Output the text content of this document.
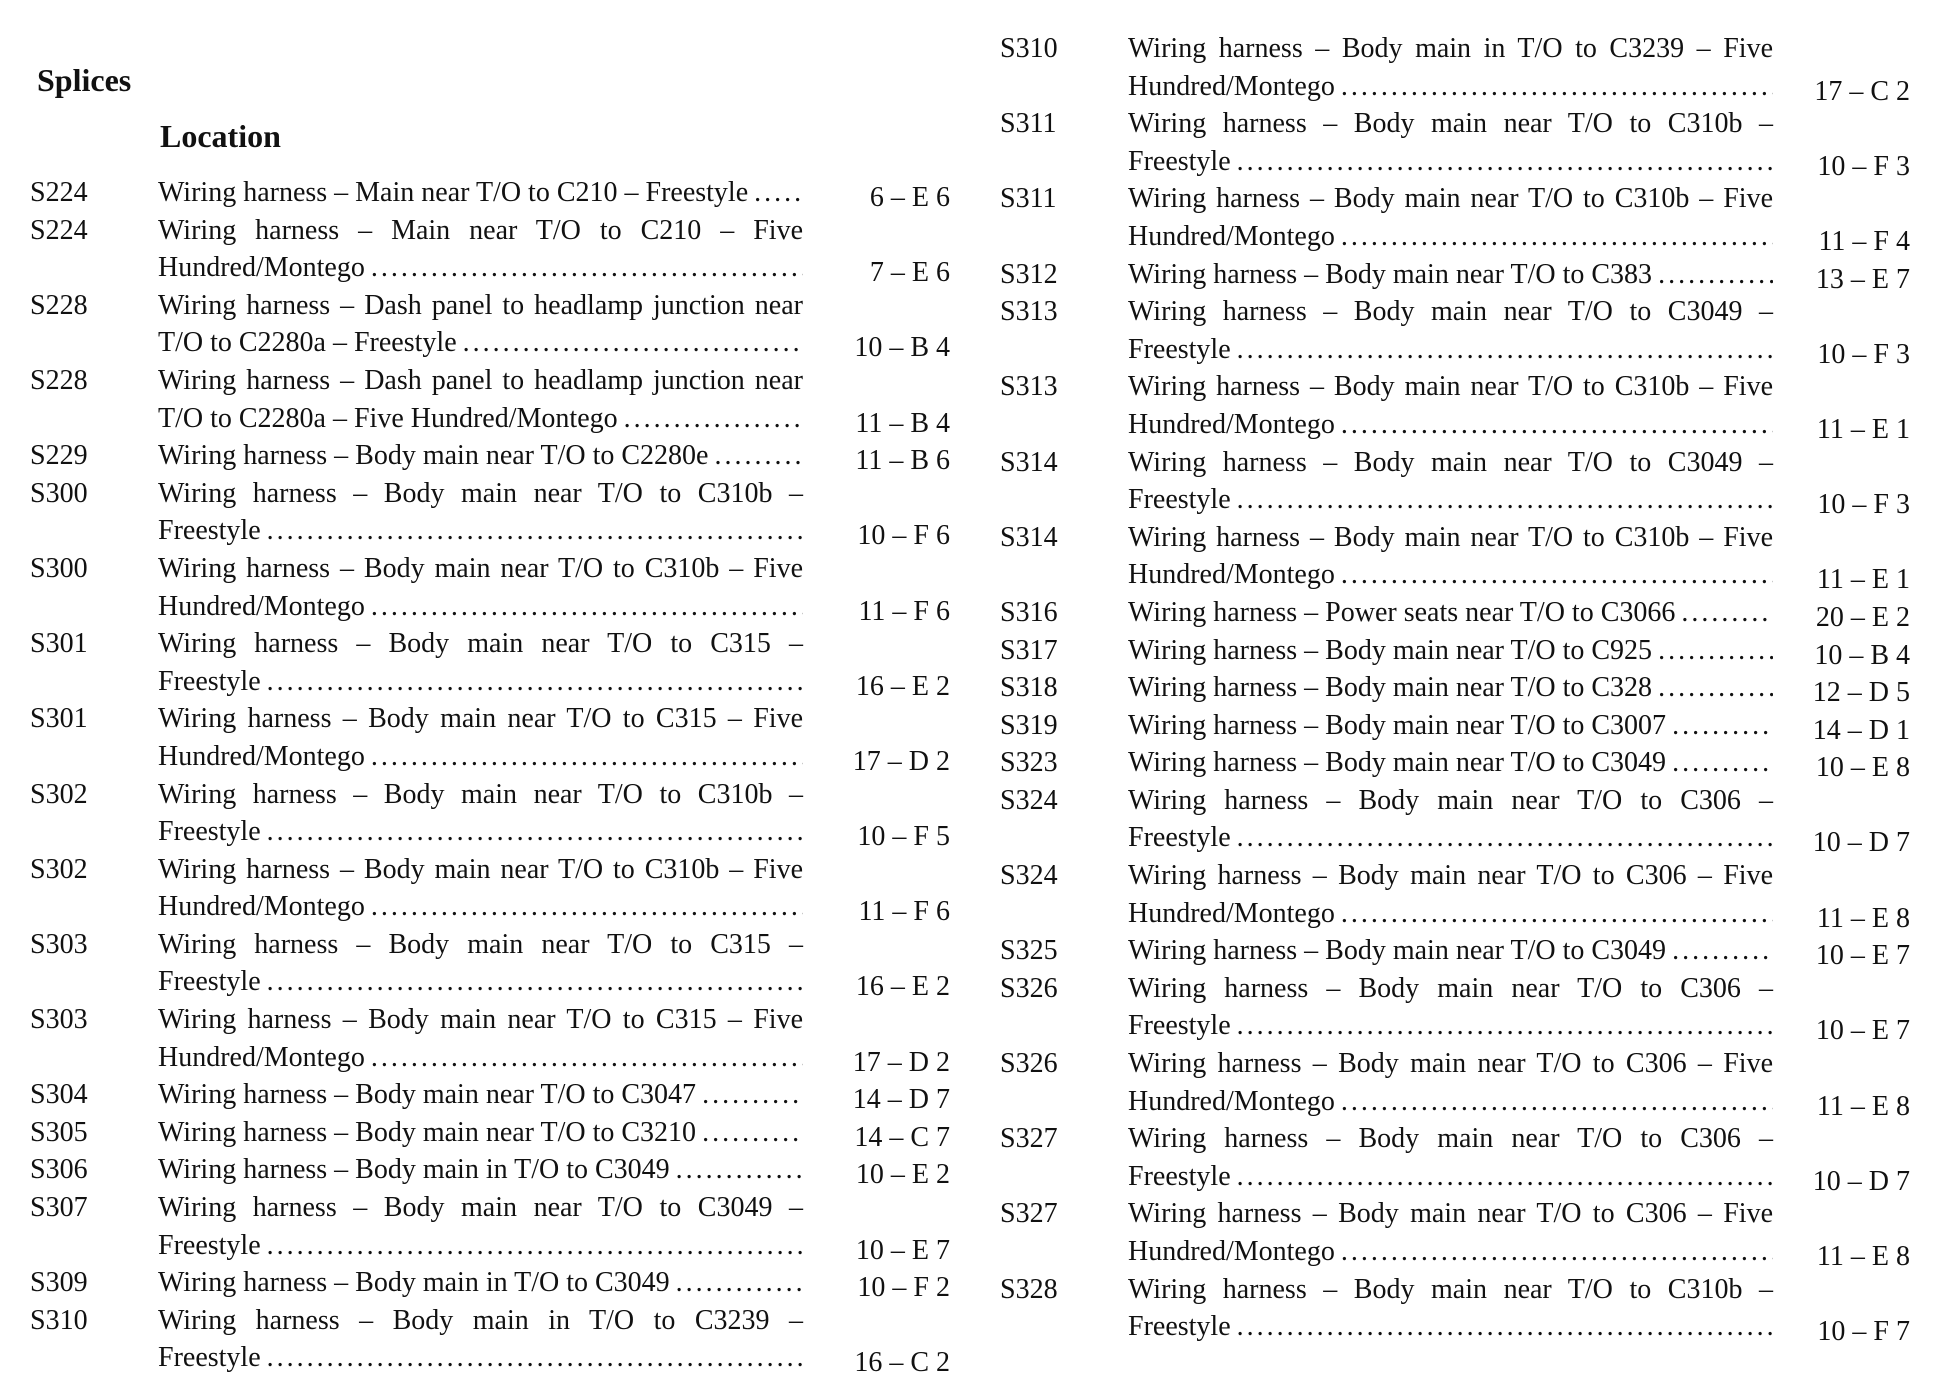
Splices
Location
S224	Wiring harness – Main near T/O to C210 – Freestyle .....	6 – E 6
S224	Wiring harness – Main near T/O to C210 – Five
Hundred/Montego .....	7 – E 6
S228	Wiring harness – Dash panel to headlamp junction near
T/O to C2280a – Freestyle .....	10 – B 4
S228	Wiring harness – Dash panel to headlamp junction near
T/O to C2280a – Five Hundred/Montego .....	11 – B 4
S229	Wiring harness – Body main near T/O to C2280e .....	11 – B 6
S300	Wiring harness – Body main near T/O to C310b –
Freestyle .....	10 – F 6
S300	Wiring harness – Body main near T/O to C310b – Five
Hundred/Montego .....	11 – F 6
S301	Wiring harness – Body main near T/O to C315 –
Freestyle .....	16 – E 2
S301	Wiring harness – Body main near T/O to C315 – Five
Hundred/Montego .....	17 – D 2
S302	Wiring harness – Body main near T/O to C310b –
Freestyle .....	10 – F 5
S302	Wiring harness – Body main near T/O to C310b – Five
Hundred/Montego .....	11 – F 6
S303	Wiring harness – Body main near T/O to C315 –
Freestyle .....	16 – E 2
S303	Wiring harness – Body main near T/O to C315 – Five
Hundred/Montego .....	17 – D 2
S304	Wiring harness – Body main near T/O to C3047 .....	14 – D 7
S305	Wiring harness – Body main near T/O to C3210 .....	14 – C 7
S306	Wiring harness – Body main in T/O to C3049 .....	10 – E 2
S307	Wiring harness – Body main near T/O to C3049 –
Freestyle .....	10 – E 7
S309	Wiring harness – Body main in T/O to C3049 .....	10 – F 2
S310	Wiring harness – Body main in T/O to C3239 –
Freestyle .....	16 – C 2
S310	Wiring harness – Body main in T/O to C3239 – Five
Hundred/Montego .....	17 – C 2
S311	Wiring harness – Body main near T/O to C310b –
Freestyle .....	10 – F 3
S311	Wiring harness – Body main near T/O to C310b – Five
Hundred/Montego .....	11 – F 4
S312	Wiring harness – Body main near T/O to C383 .....	13 – E 7
S313	Wiring harness – Body main near T/O to C3049 –
Freestyle .....	10 – F 3
S313	Wiring harness – Body main near T/O to C310b – Five
Hundred/Montego .....	11 – E 1
S314	Wiring harness – Body main near T/O to C3049 –
Freestyle .....	10 – F 3
S314	Wiring harness – Body main near T/O to C310b – Five
Hundred/Montego .....	11 – E 1
S316	Wiring harness – Power seats near T/O to C3066 .....	20 – E 2
S317	Wiring harness – Body main near T/O to C925 .....	10 – B 4
S318	Wiring harness – Body main near T/O to C328 .....	12 – D 5
S319	Wiring harness – Body main near T/O to C3007 .....	14 – D 1
S323	Wiring harness – Body main near T/O to C3049 .....	10 – E 8
S324	Wiring harness – Body main near T/O to C306 –
Freestyle .....	10 – D 7
S324	Wiring harness – Body main near T/O to C306 – Five
Hundred/Montego .....	11 – E 8
S325	Wiring harness – Body main near T/O to C3049 .....	10 – E 7
S326	Wiring harness – Body main near T/O to C306 –
Freestyle .....	10 – E 7
S326	Wiring harness – Body main near T/O to C306 – Five
Hundred/Montego .....	11 – E 8
S327	Wiring harness – Body main near T/O to C306 –
Freestyle .....	10 – D 7
S327	Wiring harness – Body main near T/O to C306 – Five
Hundred/Montego .....	11 – E 8
S328	Wiring harness – Body main near T/O to C310b –
Freestyle .....	10 – F 7
